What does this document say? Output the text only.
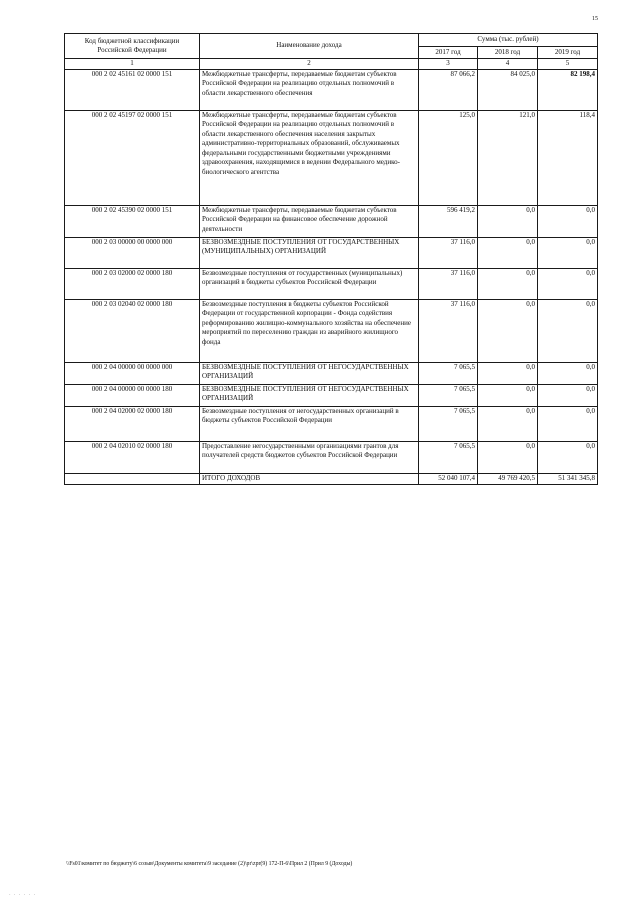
15
Код бюджетной классификации Российской Федерации	Наименование дохода	Сумма (тыс. рублей)		
		2017 год	2018 год	2019 год
1	2	3	4	5
000 2 02 45161 02 0000 151	Межбюджетные трансферты, передаваемые бюджетам субъектов Российской Федерации на реализацию отдельных полномочий в области лекарственного обеспечения	87 066,2	84 025,0	82 198,4
000 2 02 45197 02 0000 151	Межбюджетные трансферты, передаваемые бюджетам субъектов Российской Федерации на реализацию отдельных полномочий в области лекарственного обеспечения населения закрытых административно-территориальных образований, обслуживаемых федеральными государственными бюджетными учреждениями здравоохранения, находящимися в ведении Федерального медико-биологического агентства	125,0	121,0	118,4
000 2 02 45390 02 0000 151	Межбюджетные трансферты, передаваемые бюджетам субъектов Российской Федерации на финансовое обеспечение дорожной деятельности	596 419,2	0,0	0,0
000 2 03 00000 00 0000 000	БЕЗВОЗМЕЗДНЫЕ ПОСТУПЛЕНИЯ ОТ ГОСУДАРСТВЕННЫХ (МУНИЦИПАЛЬНЫХ) ОРГАНИЗАЦИЙ	37 116,0	0,0	0,0
000 2 03 02000 02 0000 180	Безвозмездные поступления от государственных (муниципальных) организаций в бюджеты субъектов Российской Федерации	37 116,0	0,0	0,0
000 2 03 02040 02 0000 180	Безвозмездные поступления в бюджеты субъектов Российской Федерации от государственной корпорации - Фонда содействия реформированию жилищно-коммунального хозяйства на обеспечение мероприятий по переселению граждан из аварийного жилищного фонда	37 116,0	0,0	0,0
000 2 04 00000 00 0000 000	БЕЗВОЗМЕЗДНЫЕ ПОСТУПЛЕНИЯ ОТ НЕГОСУДАРСТВЕННЫХ ОРГАНИЗАЦИЙ	7 065,5	0,0	0,0
000 2 04 00000 00 0000 180	БЕЗВОЗМЕЗДНЫЕ ПОСТУПЛЕНИЯ ОТ НЕГОСУДАРСТВЕННЫХ ОРГАНИЗАЦИЙ	7 065,5	0,0	0,0
000 2 04 02000 02 0000 180	Безвозмездные поступления от негосударственных организаций в бюджеты субъектов Российской Федерации	7 065,5	0,0	0,0
000 2 04 02010 02 0000 180	Предоставление негосударственными организациями грантов для получателей средств бюджетов субъектов Российской Федерации	7 065,5	0,0	0,0
	ИТОГО ДОХОДОВ	52 040 107,4	49 769 420,5	51 341 345,8
\\Fs01\комитет по бюджету\6 созыв\Документы комитета\9 заседание (2)\pr\zpr(9) 172-П-6\Прил 2 (Прил 9 (Доходы)
· · · · · ·
